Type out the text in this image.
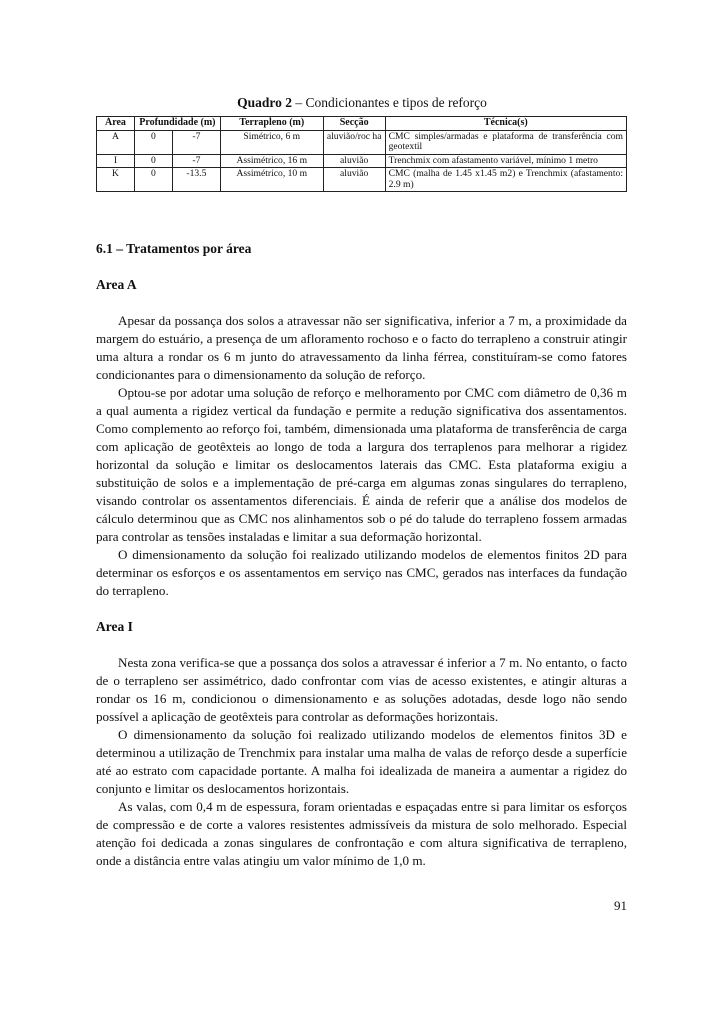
Quadro 2 – Condicionantes e tipos de reforço
Área	Profundidade (m)		Terrapleno (m)	Secção	Técnica(s)
A	0	-7	Simétrico, 6 m	aluvião/roc ha	CMC simples/armadas e plataforma de transferência com geotextil
I	0	-7	Assimétrico, 16 m	aluvião	Trenchmix com afastamento variável, mínimo 1 metro
K	0	-13.5	Assimétrico, 10 m	aluvião	CMC (malha de 1.45 x1.45 m2) e Trenchmix (afastamento: 2.9 m)
6.1 – Tratamentos por área
Area A

Apesar da possança dos solos a atravessar não ser significativa, inferior a 7 m, a proximidade da margem do estuário, a presença de um afloramento rochoso e o facto do terrapleno a construir atingir uma altura a rondar os 6 m junto do atravessamento da linha férrea, constituíram-se como fatores condicionantes para o dimensionamento da solução de reforço.

Optou-se por adotar uma solução de reforço e melhoramento por CMC com diâmetro de 0,36 m a qual aumenta a rigidez vertical da fundação e permite a redução significativa dos assentamentos. Como complemento ao reforço foi, também, dimensionada uma plataforma de transferência de carga com aplicação de geotêxteis ao longo de toda a largura dos terraplenos para melhorar a rigidez horizontal da solução e limitar os deslocamentos laterais das CMC. Esta plataforma exigiu a substituição de solos e a implementação de pré-carga em algumas zonas singulares do terrapleno, visando controlar os assentamentos diferenciais. É ainda de referir que a análise dos modelos de cálculo determinou que as CMC nos alinhamentos sob o pé do talude do terrapleno fossem armadas para controlar as tensões instaladas e limitar a sua deformação horizontal.

O dimensionamento da solução foi realizado utilizando modelos de elementos finitos 2D para determinar os esforços e os assentamentos em serviço nas CMC, gerados nas interfaces da fundação do terrapleno.

Area I

Nesta zona verifica-se que a possança dos solos a atravessar é inferior a 7 m. No entanto, o facto de o terrapleno ser assimétrico, dado confrontar com vias de acesso existentes, e atingir alturas a rondar os 16 m, condicionou o dimensionamento e as soluções adotadas, desde logo não sendo possível a aplicação de geotêxteis para controlar as deformações horizontais.

O dimensionamento da solução foi realizado utilizando modelos de elementos finitos 3D e determinou a utilização de Trenchmix para instalar uma malha de valas de reforço desde a superfície até ao estrato com capacidade portante. A malha foi idealizada de maneira a aumentar a rigidez do conjunto e limitar os deslocamentos horizontais.

As valas, com 0,4 m de espessura, foram orientadas e espaçadas entre si para limitar os esforços de compressão e de corte a valores resistentes admissíveis da mistura de solo melhorado. Especial atenção foi dedicada a zonas singulares de confrontação e com altura significativa de terrapleno, onde a distância entre valas atingiu um valor mínimo de 1,0 m.

91
